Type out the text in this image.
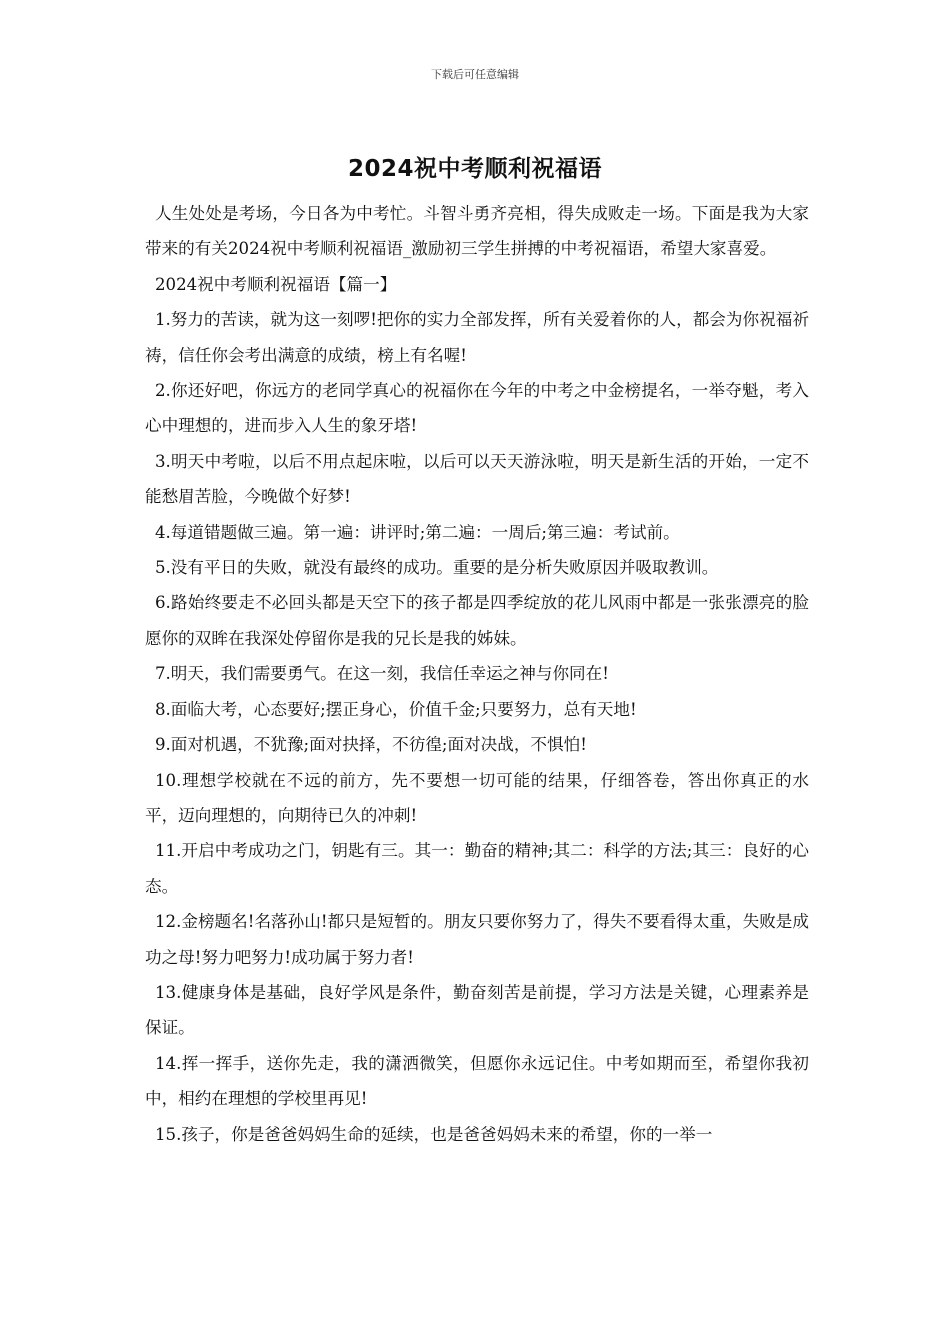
下载后可任意编辑
2024祝中考顺利祝福语

人生处处是考场，今日各为中考忙。斗智斗勇齐亮相，得失成败走一场。下面是我为大家带来的有关2024祝中考顺利祝福语_激励初三学生拼搏的中考祝福语，希望大家喜爱。

2024祝中考顺利祝福语【篇一】

1.努力的苦读，就为这一刻啰!把你的实力全部发挥，所有关爱着你的人，都会为你祝福祈祷，信任你会考出满意的成绩，榜上有名喔!

2.你还好吧，你远方的老同学真心的祝福你在今年的中考之中金榜提名，一举夺魁，考入心中理想的，进而步入人生的象牙塔!

3.明天中考啦，以后不用点起床啦，以后可以天天游泳啦，明天是新生活的开始，一定不能愁眉苦脸，今晚做个好梦!

4.每道错题做三遍。第一遍：讲评时;第二遍：一周后;第三遍：考试前。

5.没有平日的失败，就没有最终的成功。重要的是分析失败原因并吸取教训。

6.路始终要走不必回头都是天空下的孩子都是四季绽放的花儿风雨中都是一张张漂亮的脸愿你的双眸在我深处停留你是我的兄长是我的姊妹。

7.明天，我们需要勇气。在这一刻，我信任幸运之神与你同在!

8.面临大考，心态要好;摆正身心，价值千金;只要努力，总有天地!

9.面对机遇，不犹豫;面对抉择，不彷徨;面对决战，不惧怕!

10.理想学校就在不远的前方，先不要想一切可能的结果，仔细答卷，答出你真正的水平，迈向理想的，向期待已久的冲刺!

11.开启中考成功之门，钥匙有三。其一：勤奋的精神;其二：科学的方法;其三：良好的心态。

12.金榜题名!名落孙山!都只是短暂的。朋友只要你努力了，得失不要看得太重，失败是成功之母!努力吧努力!成功属于努力者!

13.健康身体是基础，良好学风是条件，勤奋刻苦是前提，学习方法是关键，心理素养是保证。

14.挥一挥手，送你先走，我的潇洒微笑，但愿你永远记住。中考如期而至，希望你我初中，相约在理想的学校里再见!

15.孩子，你是爸爸妈妈生命的延续，也是爸爸妈妈未来的希望，你的一举一
